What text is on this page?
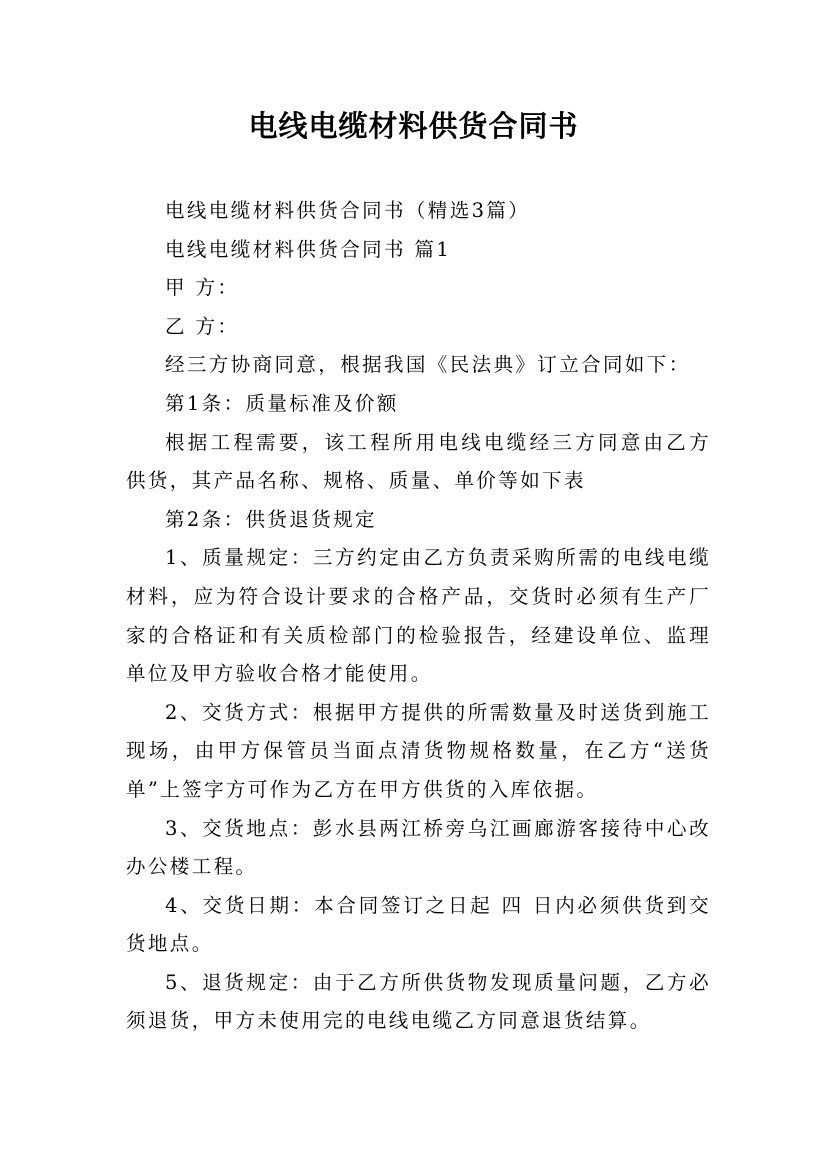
电线电缆材料供货合同书

电线电缆材料供货合同书（精选3篇）

电线电缆材料供货合同书 篇1

甲 方：

乙 方：

经三方协商同意，根据我国《民法典》订立合同如下：

第1条：质量标准及价额

根据工程需要，该工程所用电线电缆经三方同意由乙方供货，其产品名称、规格、质量、单价等如下表

第2条：供货退货规定

1、质量规定：三方约定由乙方负责采购所需的电线电缆材料，应为符合设计要求的合格产品，交货时必须有生产厂家的合格证和有关质检部门的检验报告，经建设单位、监理单位及甲方验收合格才能使用。

2、交货方式：根据甲方提供的所需数量及时送货到施工现场，由甲方保管员当面点清货物规格数量，在乙方“送货单”上签字方可作为乙方在甲方供货的入库依据。

3、交货地点：彭水县两江桥旁乌江画廊游客接待中心改办公楼工程。

4、交货日期：本合同签订之日起 四 日内必须供货到交货地点。

5、退货规定：由于乙方所供货物发现质量问题，乙方必须退货，甲方未使用完的电线电缆乙方同意退货结算。
